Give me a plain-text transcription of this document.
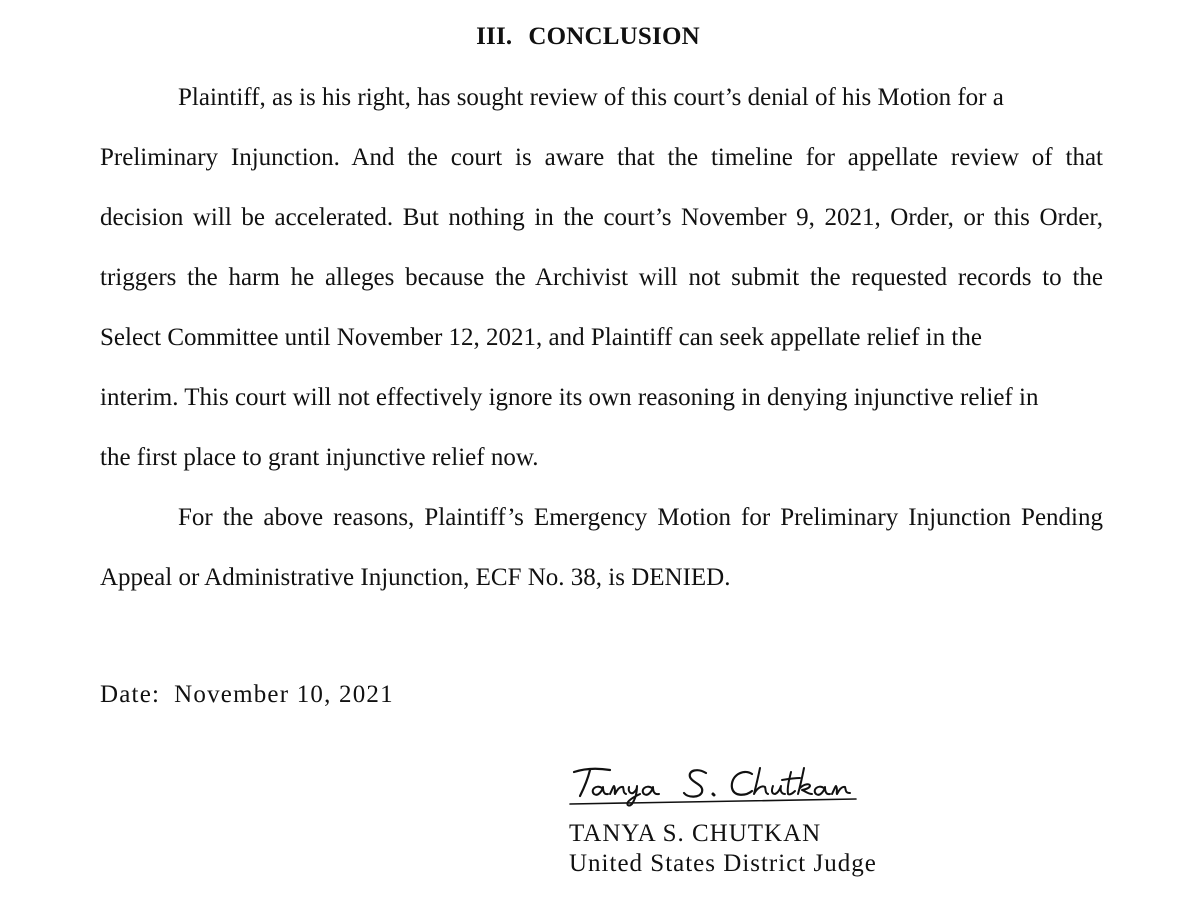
III. CONCLUSION
Plaintiff, as is his right, has sought review of this court’s denial of his Motion for a
Preliminary Injunction. And the court is aware that the timeline for appellate review of that
decision will be accelerated. But nothing in the court’s November 9, 2021, Order, or this Order,
triggers the harm he alleges because the Archivist will not submit the requested records to the
Select Committee until November 12, 2021, and Plaintiff can seek appellate relief in the
interim. This court will not effectively ignore its own reasoning in denying injunctive relief in
the first place to grant injunctive relief now.
For the above reasons, Plaintiff’s Emergency Motion for Preliminary Injunction Pending
Appeal or Administrative Injunction, ECF No. 38, is DENIED.
Date: November 10, 2021
TANYA S. CHUTKAN
United States District Judge
